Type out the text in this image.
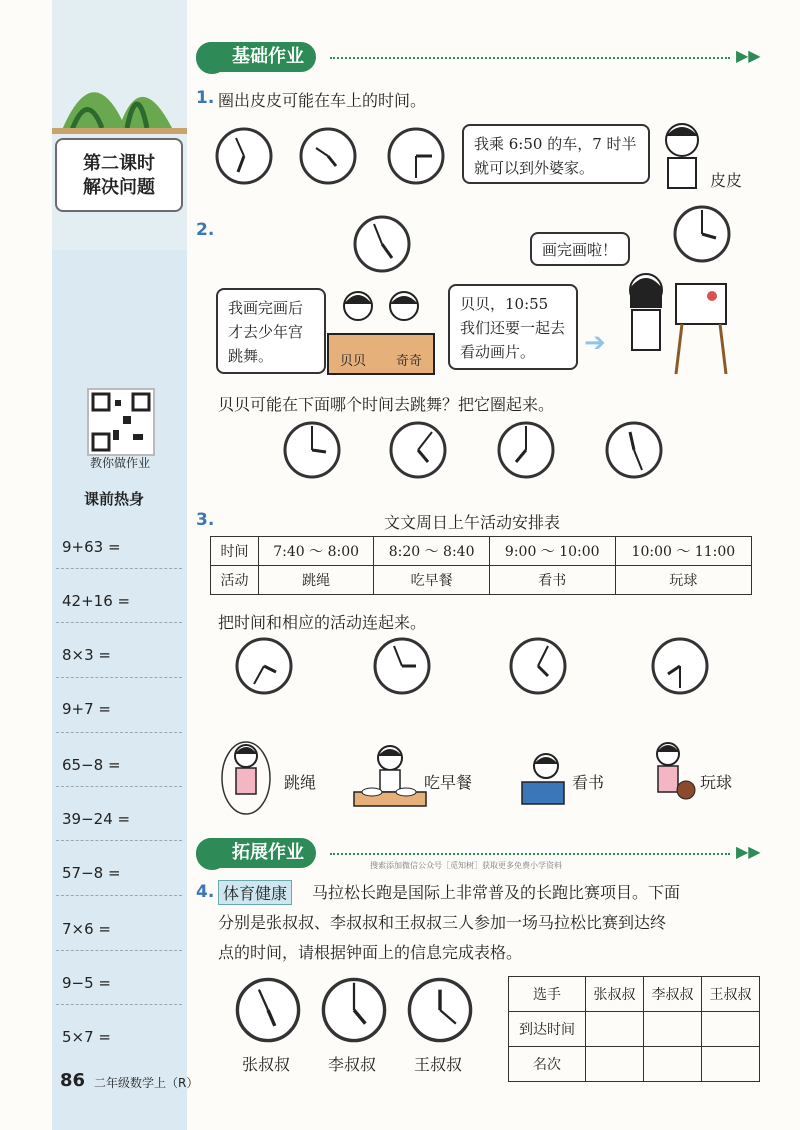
第二课时
解决问题
教你做作业
课前热身
9+63 =
42+16 =
8×3 =
9+7 =
65−8 =
39−24 =
57−8 =
7×6 =
9−5 =
5×7 =
基础作业	▶▶
1. 圈出皮皮可能在车上的时间。
我乘 6:50 的车，7 时半就可以到外婆家。
皮皮
2.
我画完画后才去少年宫跳舞。	贝贝 奇奇
贝贝，10:55 我们还要一起去看动画片。	➔
画完画啦！
贝贝可能在下面哪个时间去跳舞？把它圈起来。
3.	文文周日上午活动安排表
时间	7:40 ～ 8:00	8:20 ～ 8:40	9:00 ～ 10:00	10:00 ～ 11:00
活动	跳绳	吃早餐	看书	玩球
把时间和相应的活动连起来。
跳绳	吃早餐	看书	玩球
拓展作业	▶▶
搜索添加微信公众号［觅知树］获取更多免费小学资料
4. 体育健康	马拉松长跑是国际上非常普及的长跑比赛项目。下面
分别是张叔叔、李叔叔和王叔叔三人参加一场马拉松比赛到达终
点的时间，请根据钟面上的信息完成表格。
张叔叔 李叔叔 王叔叔
选手	张叔叔	李叔叔	王叔叔
到达时间			
名次			
86 二年级数学上（R）
